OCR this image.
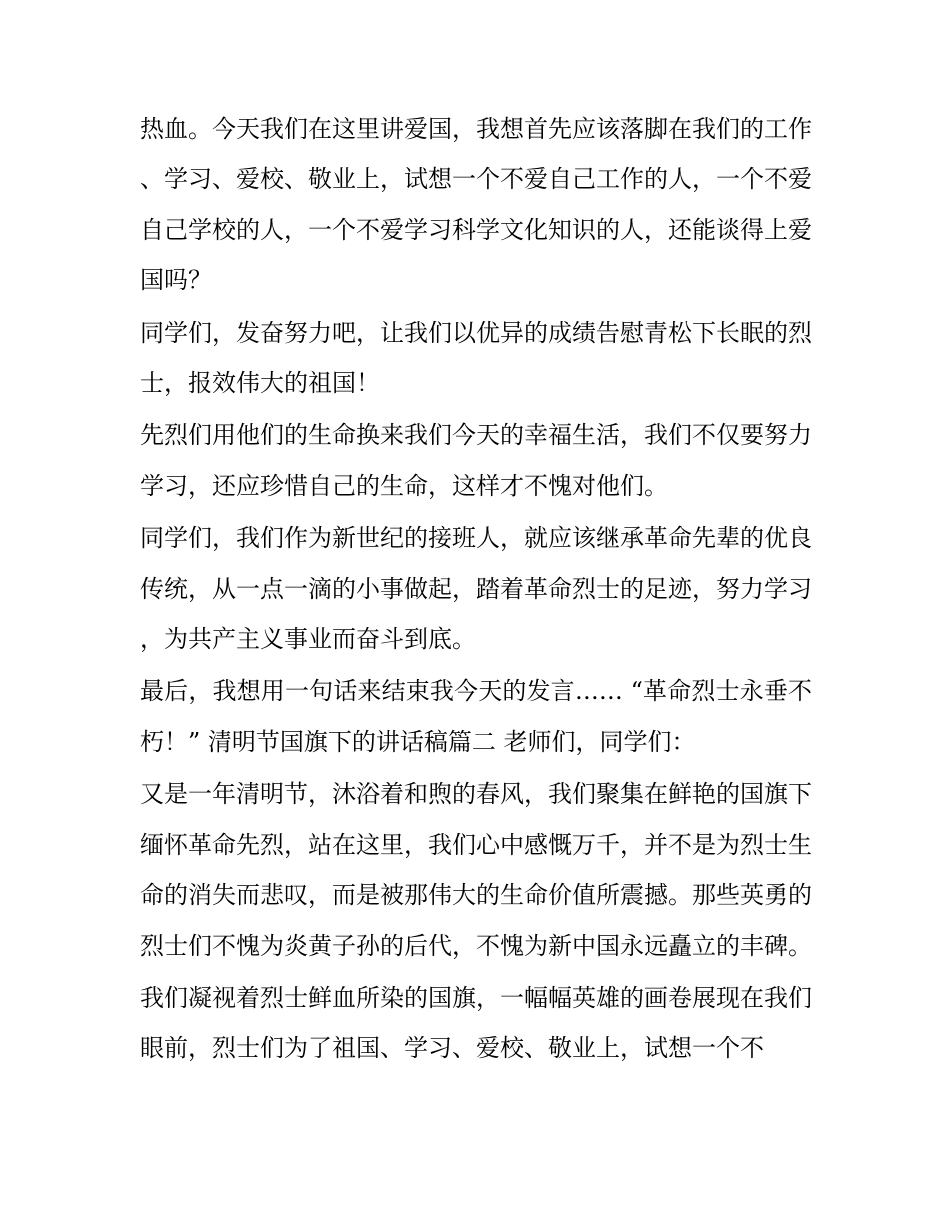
热血。今天我们在这里讲爱国，我想首先应该落脚在我们的工作、学习、爱校、敬业上，试想一个不爱自己工作的人，一个不爱自己学校的人，一个不爱学习科学文化知识的人，还能谈得上爱国吗？

同学们，发奋努力吧，让我们以优异的成绩告慰青松下长眠的烈士，报效伟大的祖国！

先烈们用他们的生命换来我们今天的幸福生活，我们不仅要努力学习，还应珍惜自己的生命，这样才不愧对他们。

同学们，我们作为新世纪的接班人，就应该继承革命先辈的优良传统，从一点一滴的小事做起，踏着革命烈士的足迹，努力学习，为共产主义事业而奋斗到底。

最后，我想用一句话来结束我今天的发言…… “革命烈士永垂不朽！” 清明节国旗下的讲话稿篇二 老师们，同学们：

又是一年清明节，沐浴着和煦的春风，我们聚集在鲜艳的国旗下缅怀革命先烈，站在这里，我们心中感慨万千，并不是为烈士生命的消失而悲叹，而是被那伟大的生命价值所震撼。那些英勇的烈士们不愧为炎黄子孙的后代，不愧为新中国永远矗立的丰碑。

我们凝视着烈士鲜血所染的国旗，一幅幅英雄的画卷展现在我们眼前，烈士们为了祖国、学习、爱校、敬业上，试想一个不
